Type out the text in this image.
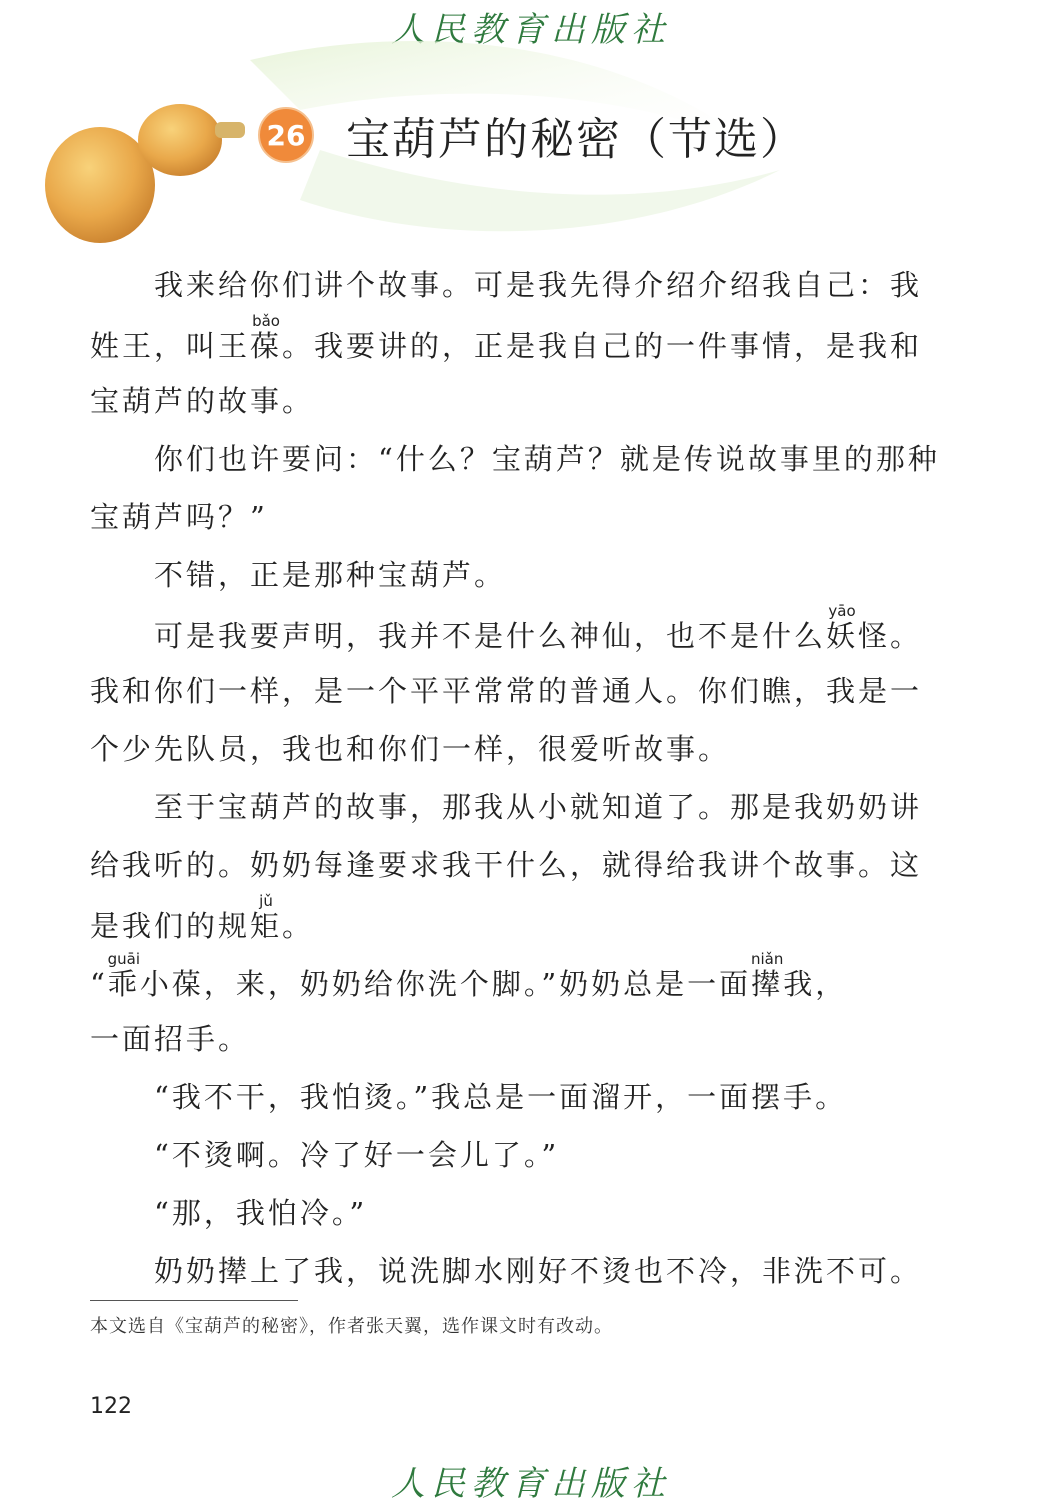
人民教育出版社
26 宝葫芦的秘密（节选）
我来给你们讲个故事。可是我先得介绍介绍我自己：我
姓王，叫王葆bǎo。我要讲的，正是我自己的一件事情，是我和
宝葫芦的故事。
你们也许要问：“什么？宝葫芦？就是传说故事里的那种
宝葫芦吗？”
不错，正是那种宝葫芦。
可是我要声明，我并不是什么神仙，也不是什么妖yāo怪。
我和你们一样，是一个平平常常的普通人。你们瞧，我是一
个少先队员，我也和你们一样，很爱听故事。
至于宝葫芦的故事，那我从小就知道了。那是我奶奶讲
给我听的。奶奶每逢要求我干什么，就得给我讲个故事。这
是我们的规矩jǔ。
“乖guāi小葆，来，奶奶给你洗个脚。”奶奶总是一面撵niǎn我，
一面招手。
“我不干，我怕烫。”我总是一面溜开，一面摆手。
“不烫啊。冷了好一会儿了。”
“那，我怕冷。”
奶奶撵上了我，说洗脚水刚好不烫也不冷，非洗不可。
本文选自《宝葫芦的秘密》，作者张天翼，选作课文时有改动。
122
人民教育出版社
